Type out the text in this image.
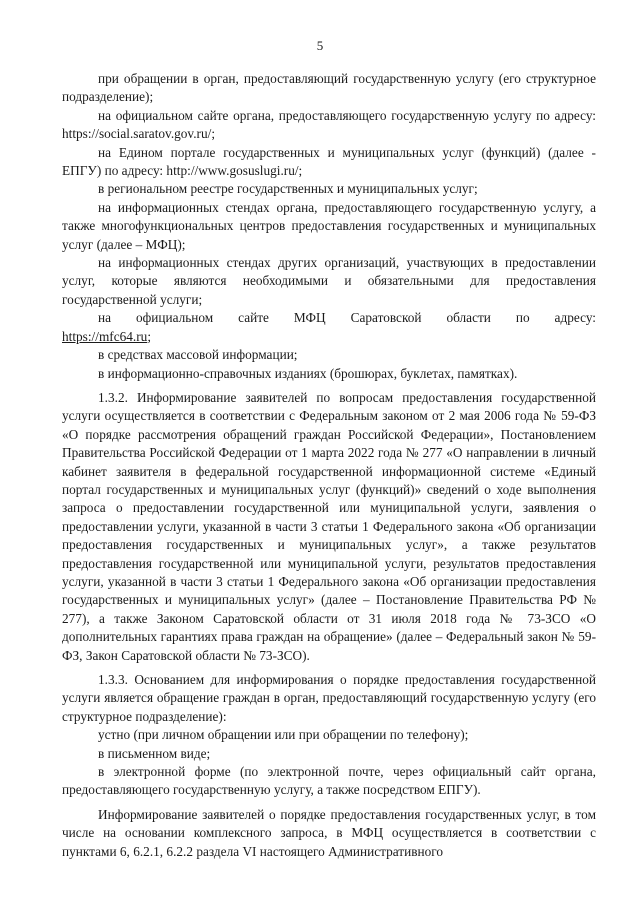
5

при обращении в орган, предоставляющий государственную услугу (его структурное подразделение);

на официальном сайте органа, предоставляющего государственную услугу по адресу: https://social.saratov.gov.ru/;

на Едином портале государственных и муниципальных услуг (функций) (далее - ЕПГУ) по адресу: http://www.gosuslugi.ru/;

в региональном реестре государственных и муниципальных услуг;

на информационных стендах органа, предоставляющего государственную услугу, а также многофункциональных центров предоставления государственных и муниципальных услуг (далее – МФЦ);

на информационных стендах других организаций, участвующих в предоставлении услуг, которые являются необходимыми и обязательными для предоставления государственной услуги;

на официальном сайте МФЦ Саратовской области по адресу:

https://mfc64.ru;

в средствах массовой информации;

в информационно-справочных изданиях (брошюрах, буклетах, памятках).

1.3.2. Информирование заявителей по вопросам предоставления государственной услуги осуществляется в соответствии с Федеральным законом от 2 мая 2006 года № 59-ФЗ «О порядке рассмотрения обращений граждан Российской Федерации», Постановлением Правительства Российской Федерации от 1 марта 2022 года № 277 «О направлении в личный кабинет заявителя в федеральной государственной информационной системе «Единый портал государственных и муниципальных услуг (функций)» сведений о ходе выполнения запроса о предоставлении государственной или муниципальной услуги, заявления о предоставлении услуги, указанной в части 3 статьи 1 Федерального закона «Об организации предоставления государственных и муниципальных услуг», а также результатов предоставления государственной или муниципальной услуги, результатов предоставления услуги, указанной в части 3 статьи 1 Федерального закона «Об организации предоставления государственных и муниципальных услуг» (далее – Постановление Правительства РФ № 277), а также Законом Саратовской области от 31 июля 2018 года № 73-ЗСО «О дополнительных гарантиях права граждан на обращение» (далее – Федеральный закон № 59-ФЗ, Закон Саратовской области № 73-ЗСО).

1.3.3. Основанием для информирования о порядке предоставления государственной услуги является обращение граждан в орган, предоставляющий государственную услугу (его структурное подразделение):

устно (при личном обращении или при обращении по телефону);

в письменном виде;

в электронной форме (по электронной почте, через официальный сайт органа, предоставляющего государственную услугу, а также посредством ЕПГУ).

Информирование заявителей о порядке предоставления государственных услуг, в том числе на основании комплексного запроса, в МФЦ осуществляется в соответствии с пунктами 6, 6.2.1, 6.2.2 раздела VI настоящего Административного
